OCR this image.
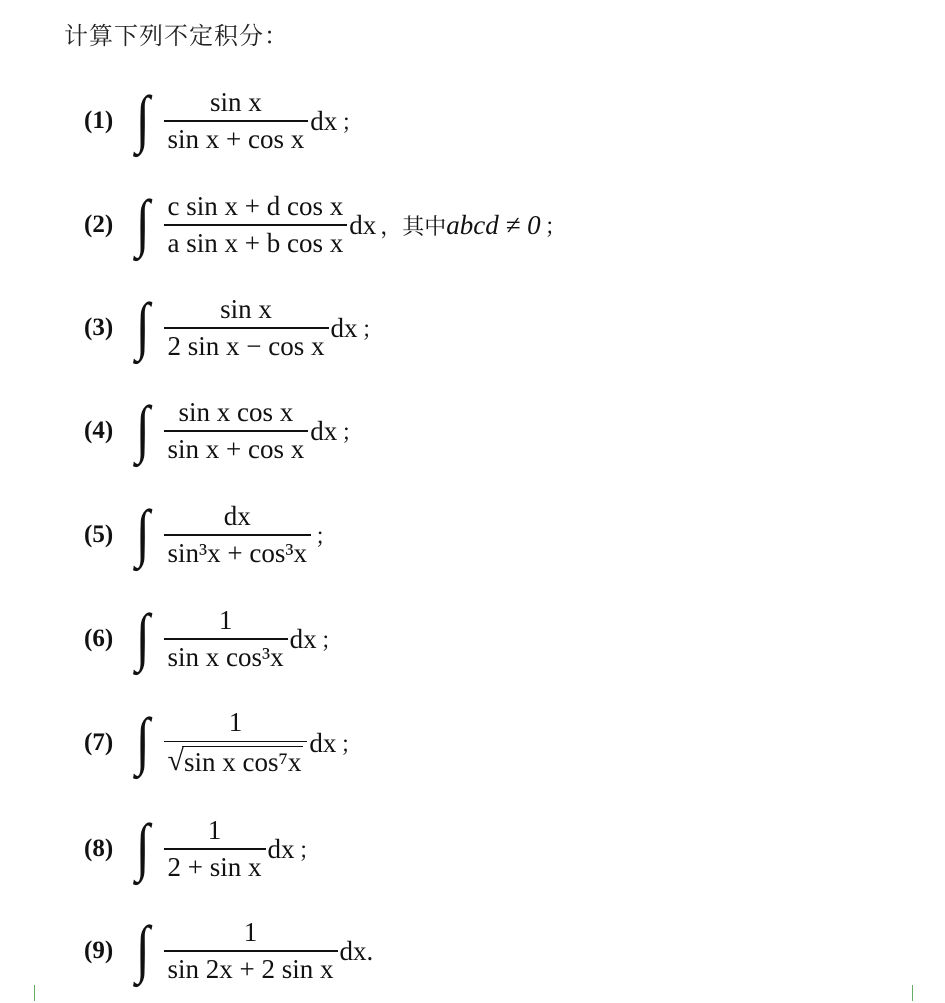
计算下列不定积分：
(1) ∫ $\frac{\text{sin x}}{\text{sin x + cos x}}$ dx ；
(2) ∫ $\frac{\text{c sin x + d cos x}}{\text{a sin x + b cos x}}$ dx ，其中 abcd ≠ 0 ；
(3) ∫ $\frac{\text{sin x}}{\text{2 sin x − cos x}}$ dx ；
(4) ∫ $\frac{\text{sin x cos x}}{\text{sin x + cos x}}$ dx ；
(5) ∫ $\frac{dx}{\text{sin³x + cos³x}}$ ；
(6) ∫ $\frac{1}{\text{sin x cos³x}}$ dx ；
(7) ∫ $\frac{1}{\text{√ sin x cos⁷x}}$ dx ；
(8) ∫ $\frac{1}{\text{2 + sin x}}$ dx ；
(9) ∫ $\frac{1}{\text{sin 2x + 2 sin x}}$ dx.
